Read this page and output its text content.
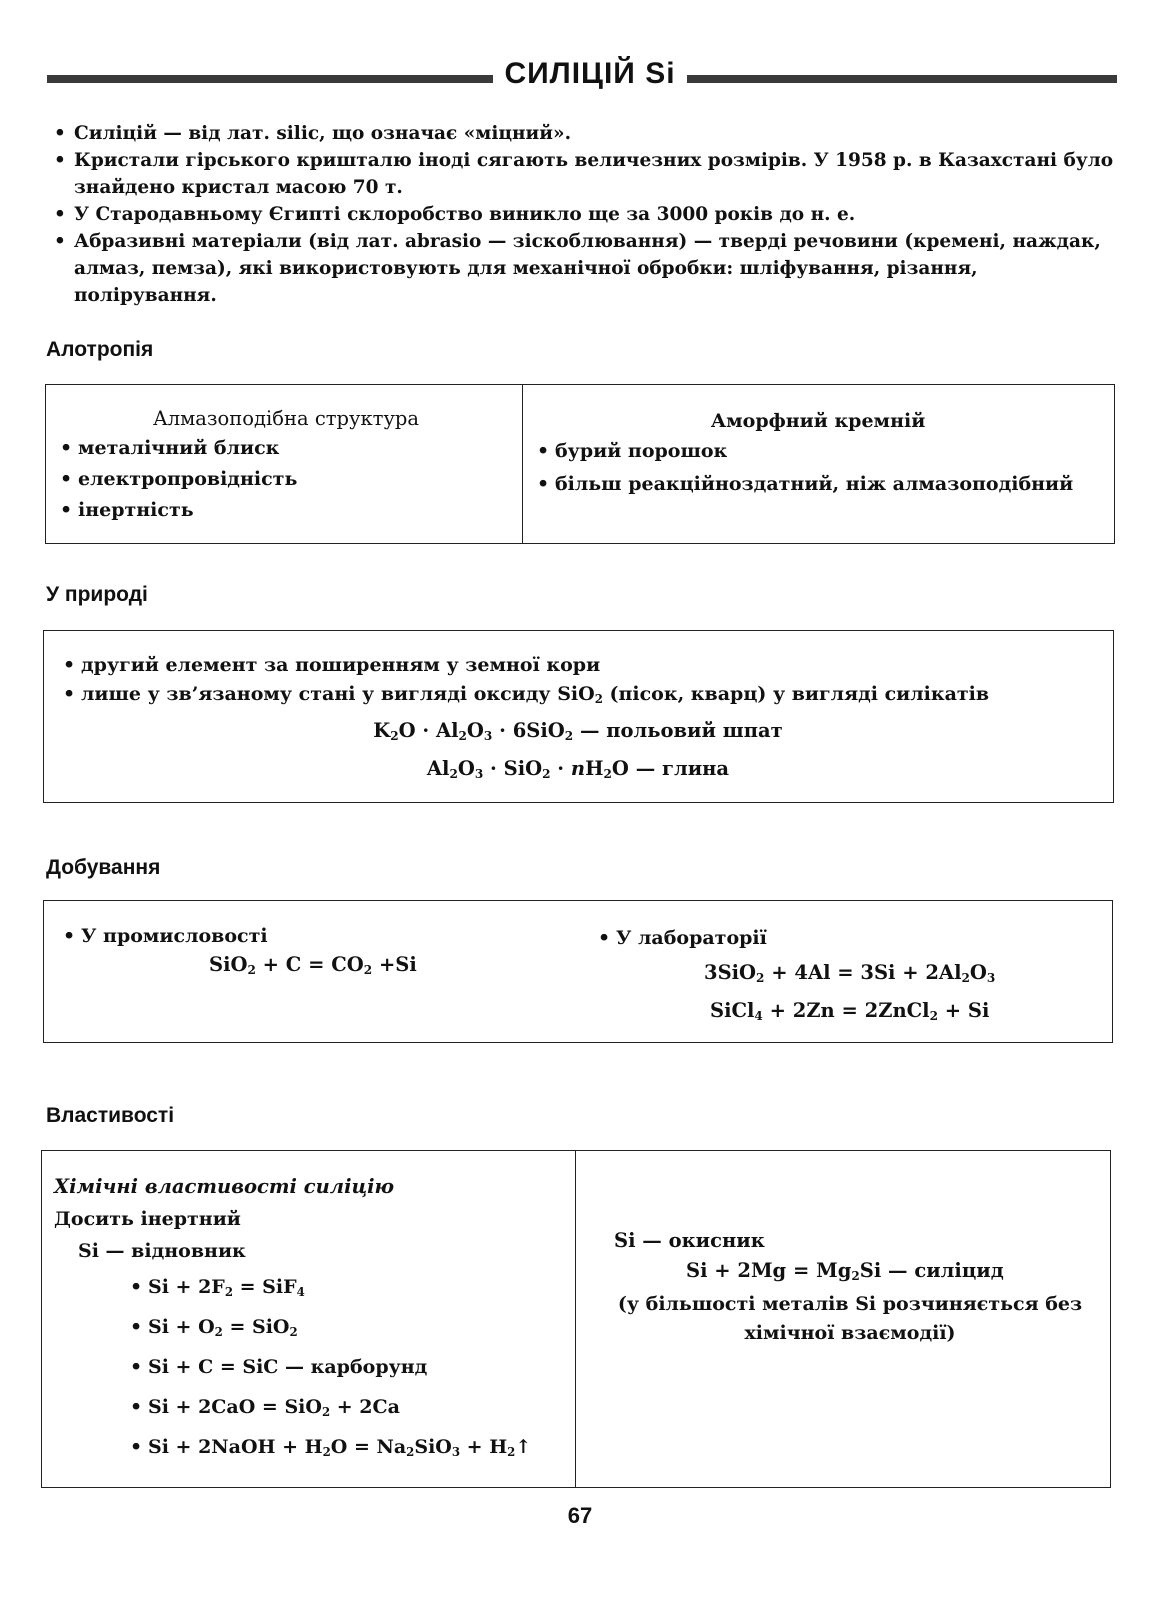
СИЛІЦІЙ Si
• Силіцій — від лат. silic, що означає «міцний».
• Кристали гірського кришталю іноді сягають величезних розмірів. У 1958 р. в Казахстані було знайдено кристал масою 70 т.
• У Стародавньому Єгипті склоробство виникло ще за 3000 років до н. е.
• Абразивні матеріали (від лат. abrasio — зіскоблювання) — тверді речовини (кремені, наждак, алмаз, пемза), які використовують для механічної обробки: шліфування, різання, полірування.
Алотропія
Алмазоподібна структура
• металічний блиск
• електропровідність
• інертність
Аморфний кремній
• бурий порошок
• більш реакційноздатний, ніж алмазоподібний
У природі
• другий елемент за поширенням у земної кори
• лише у зв’язаному стані у вигляді оксиду SiO$_2$ (пісок, кварц) у вигляді силікатів
$K_2O \cdot Al_2O_3 \cdot 6SiO_2$ — польовий шпат
$Al_2O_3 \cdot SiO_2 \cdot nH_2O$ — глина
Добування
• У промисловості
$SiO_2 + C = CO_2 +Si$
• У лабораторії
$3SiO_2 + 4Al = 3Si + 2Al_2O_3$
SiCl$_4$ + 2Zn = 2ZnCl$_2$ + Si
Властивості
Хімічні властивості силіцію
Досить інертний
Si — відновник
• $Si + 2F_2 = SiF_4$
• $Si + O_2 = SiO_2$
• Si + C = SiC — карборунд
• Si + 2CaO = SiO$_2$ + 2Ca
• Si + 2NaOH + $H_2O = Na_2SiO_3$ + $H_2↑$
Si — окисник
$Si + 2Mg = Mg_2Si$ — силіцид
(у більшості металів Si розчиняється без хімічної взаємодії)
67
